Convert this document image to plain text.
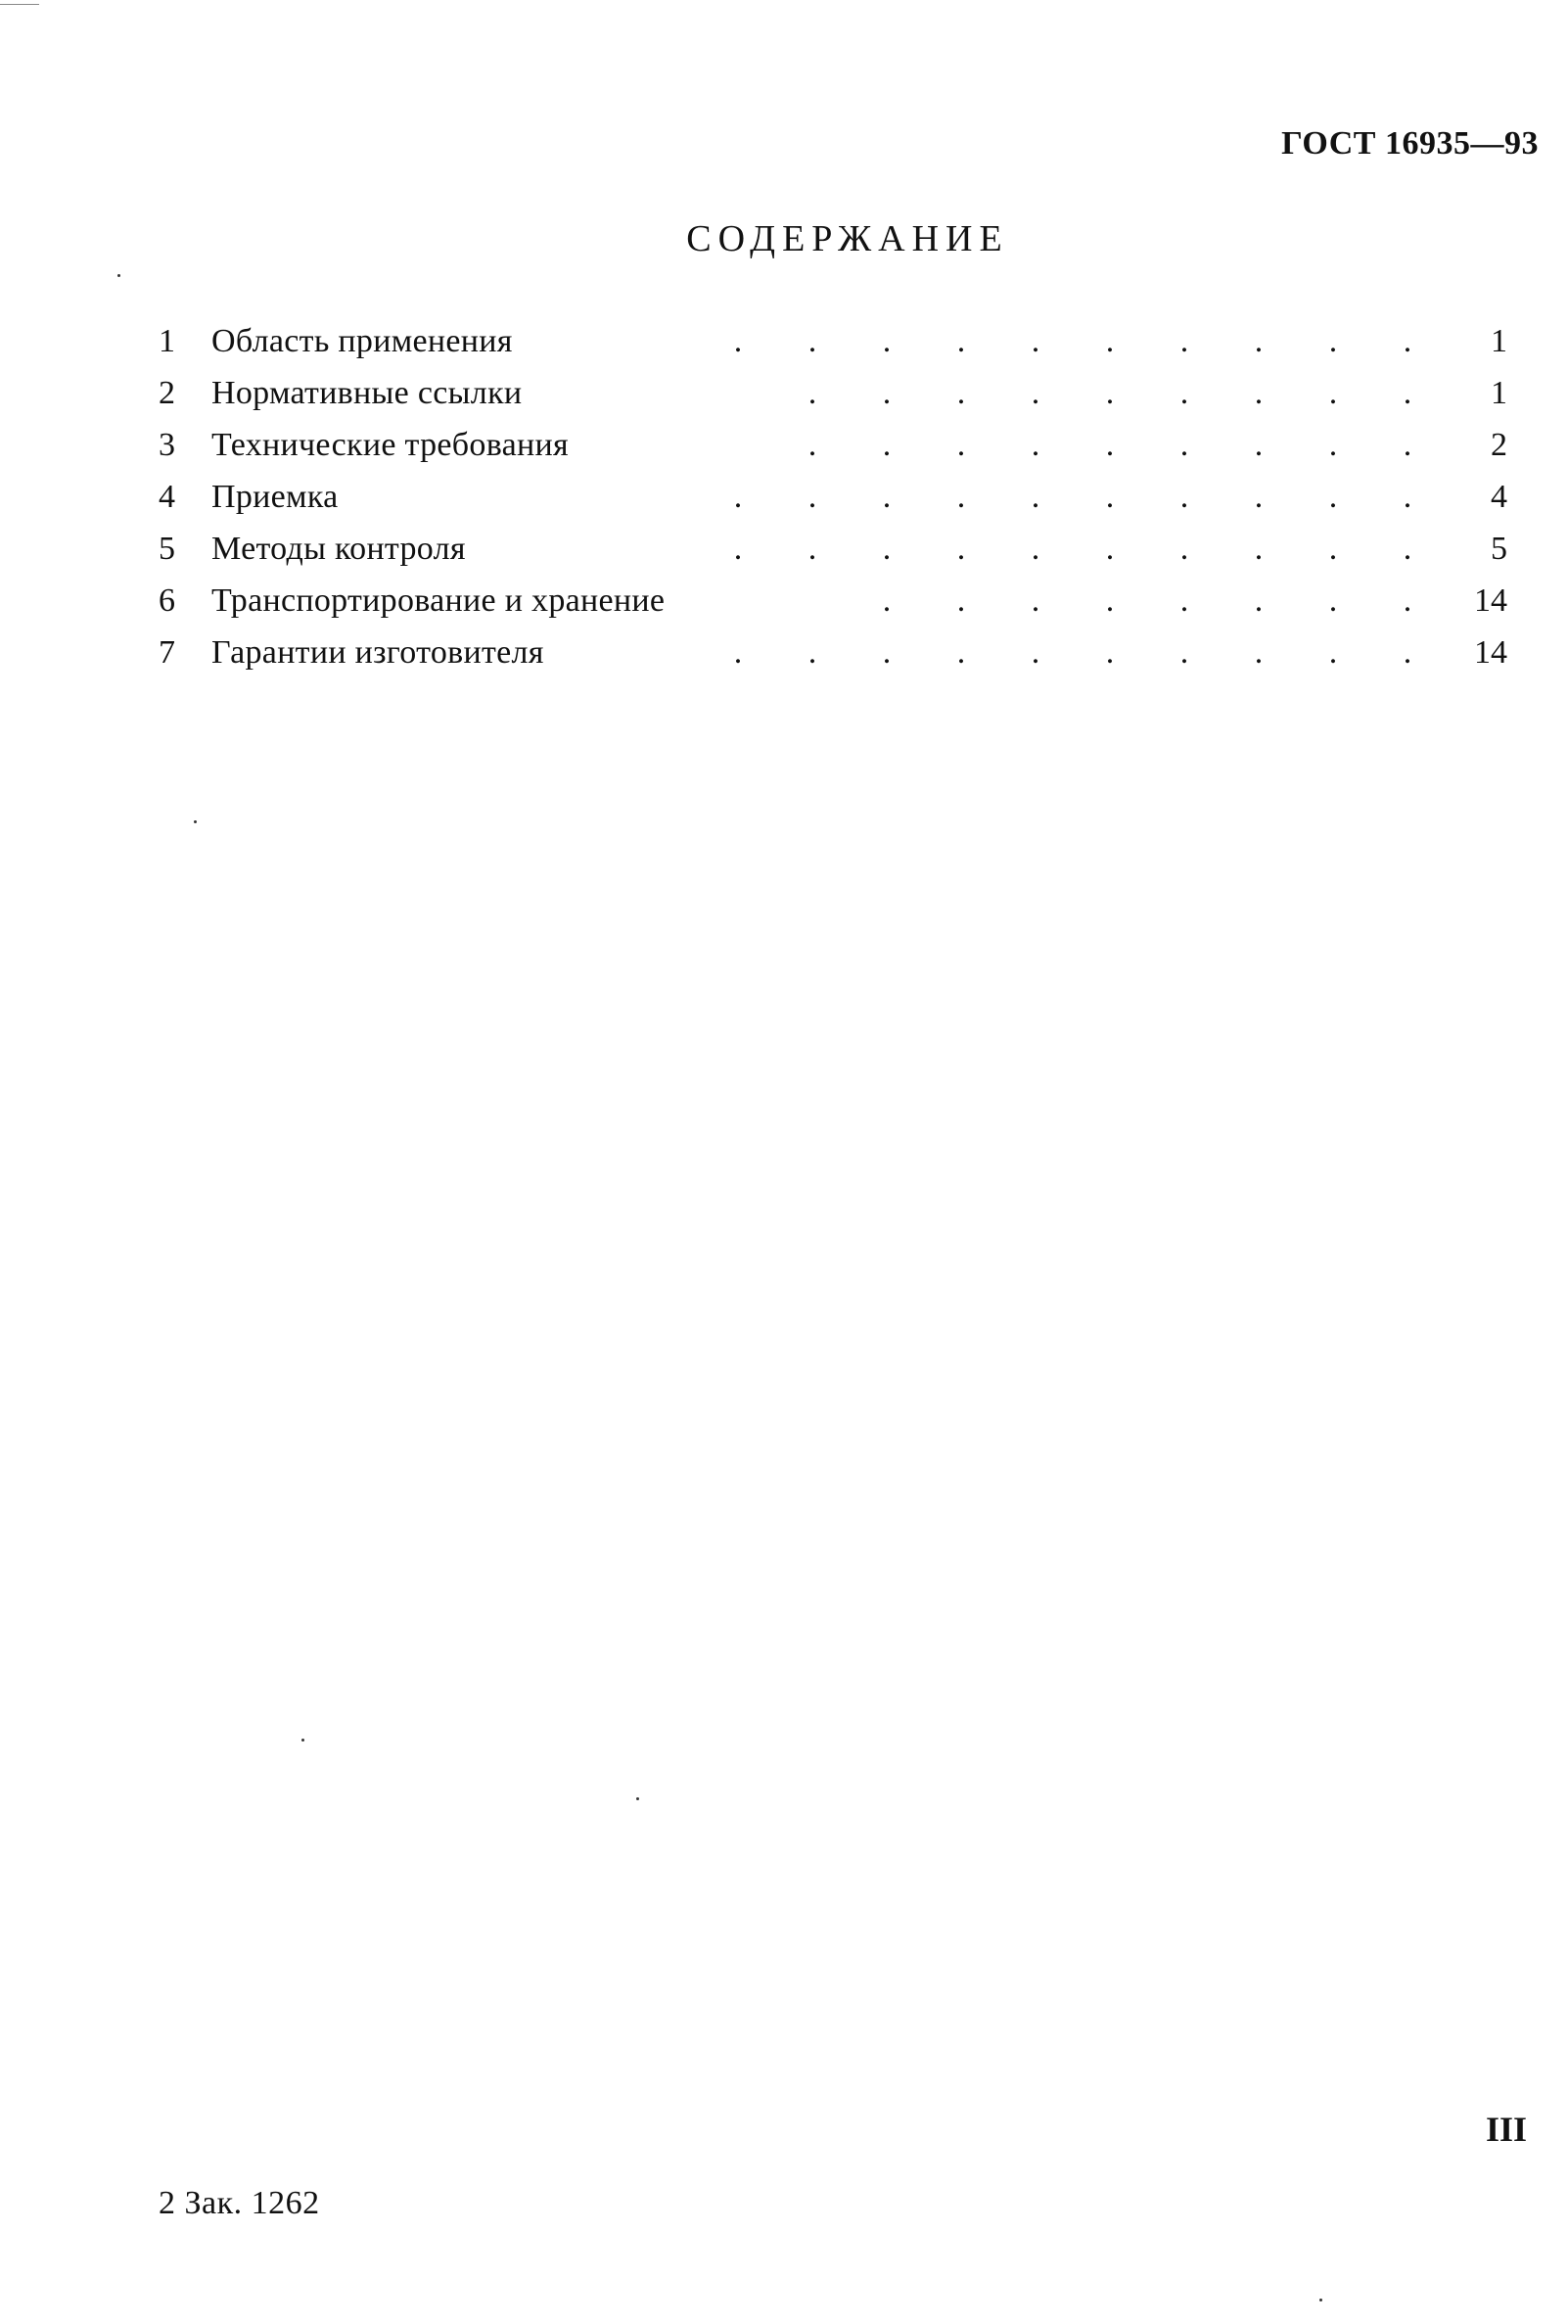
ГОСТ 16935—93
СОДЕРЖАНИЕ
1	Область применения	. . . . . . . . . .	1
2	Нормативные ссылки	. . . . . . . . .	1
3	Технические требования	. . . . . . . . .	2
4	Приемка	. . . . . . . . . .	4
5	Методы контроля	. . . . . . . . . .	5
6	Транспортирование и хранение	. . . . . . . .	14
7	Гарантии изготовителя	. . . . . . . . . .	14
III
2 Зак. 1262
